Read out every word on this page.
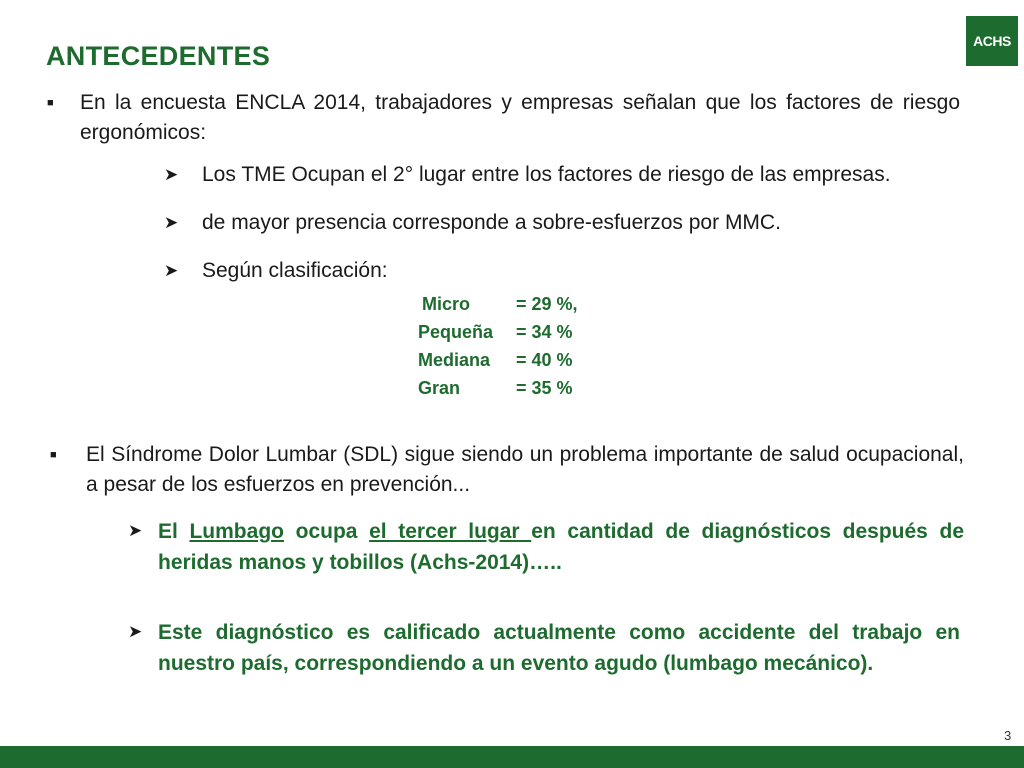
ANTECEDENTES	ACHS
■ En la encuesta ENCLA 2014, trabajadores y empresas señalan que los factores de riesgo ergonómicos:
➤ Los TME Ocupan el 2° lugar entre los factores de riesgo de las empresas.
➤ de mayor presencia corresponde a sobre-esfuerzos por MMC.
➤ Según clasificación:
Micro	= 29 %,
Pequeña	= 34 %
Mediana	= 40 %
Gran	= 35 %
■ El Síndrome Dolor Lumbar (SDL) sigue siendo un problema importante de salud ocupacional, a pesar de los esfuerzos en prevención...
➤ El Lumbago ocupa el tercer lugar en cantidad de diagnósticos después de heridas manos y tobillos (Achs-2014)…..
➤ Este diagnóstico es calificado actualmente como accidente del trabajo en nuestro país, correspondiendo a un evento agudo (lumbago mecánico).
3
